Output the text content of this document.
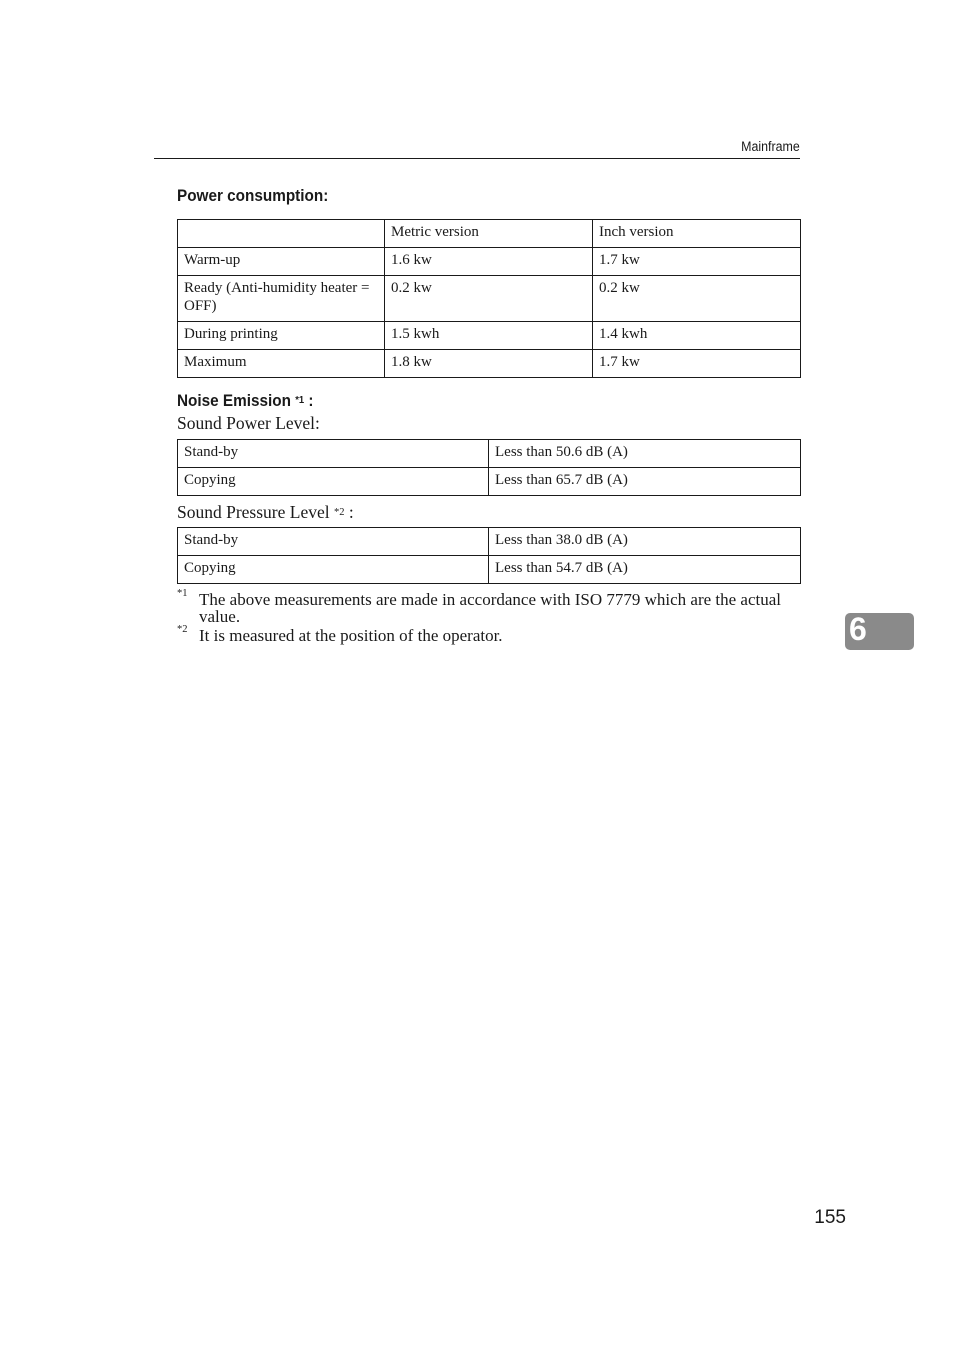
Mainframe
Power consumption:
	Metric version	Inch version
Warm-up	1.6 kw	1.7 kw
Ready (Anti-humidity heater = OFF)	0.2 kw	0.2 kw
During printing	1.5 kwh	1.4 kwh
Maximum	1.8 kw	1.7 kw
Noise Emission $^{*1}$ :
Sound Power Level:
Stand-by	Less than 50.6 dB (A)
Copying	Less than 65.7 dB (A)
Sound Pressure Level $^{*2}$ :
Stand-by	Less than 38.0 dB (A)
Copying	Less than 54.7 dB (A)
*1 The above measurements are made in accordance with ISO 7779 which are the actual value.
*2 It is measured at the position of the operator.	6
155
